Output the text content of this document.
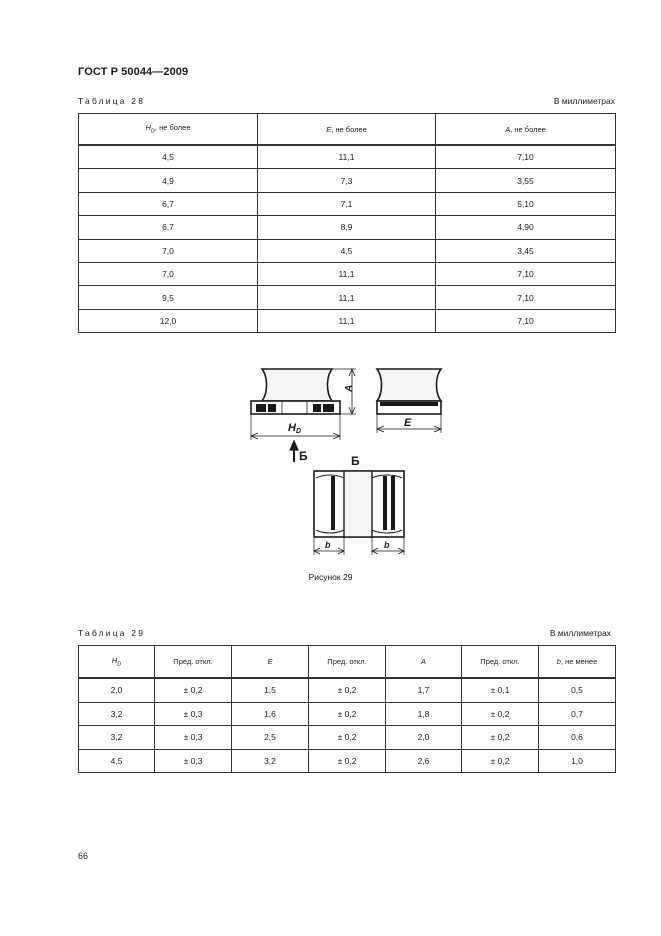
ГОСТ Р 50044—2009
Таблица 28	В миллиметрах
$H_D$, не более	E, не более	A, не более
4,5	11,1	7,10
4,9	7,3	3,55
6,7	7,1	5,10
6,7	8,9	4,90
7,0	4,5	3,45
7,0	11,1	7,10
9,5	11,1	7,10
12,0	11,1	7,10
A
HD
E
Б	Б
b	b
Рисунок 29
Таблица 29	В миллиметрах
$H_D$	Пред. откл.	E	Пред. откл.	A	Пред. откл.	b, не менее
2,0	± 0,2	1,5	± 0,2	1,7	± 0,1	0,5
3,2	± 0,3	1,6	± 0,2	1,8	± 0,2	0,7
3,2	± 0,3	2,5	± 0,2	2,0	± 0,2	0,6
4,5	± 0,3	3,2	± 0,2	2,6	± 0,2	1,0
66
